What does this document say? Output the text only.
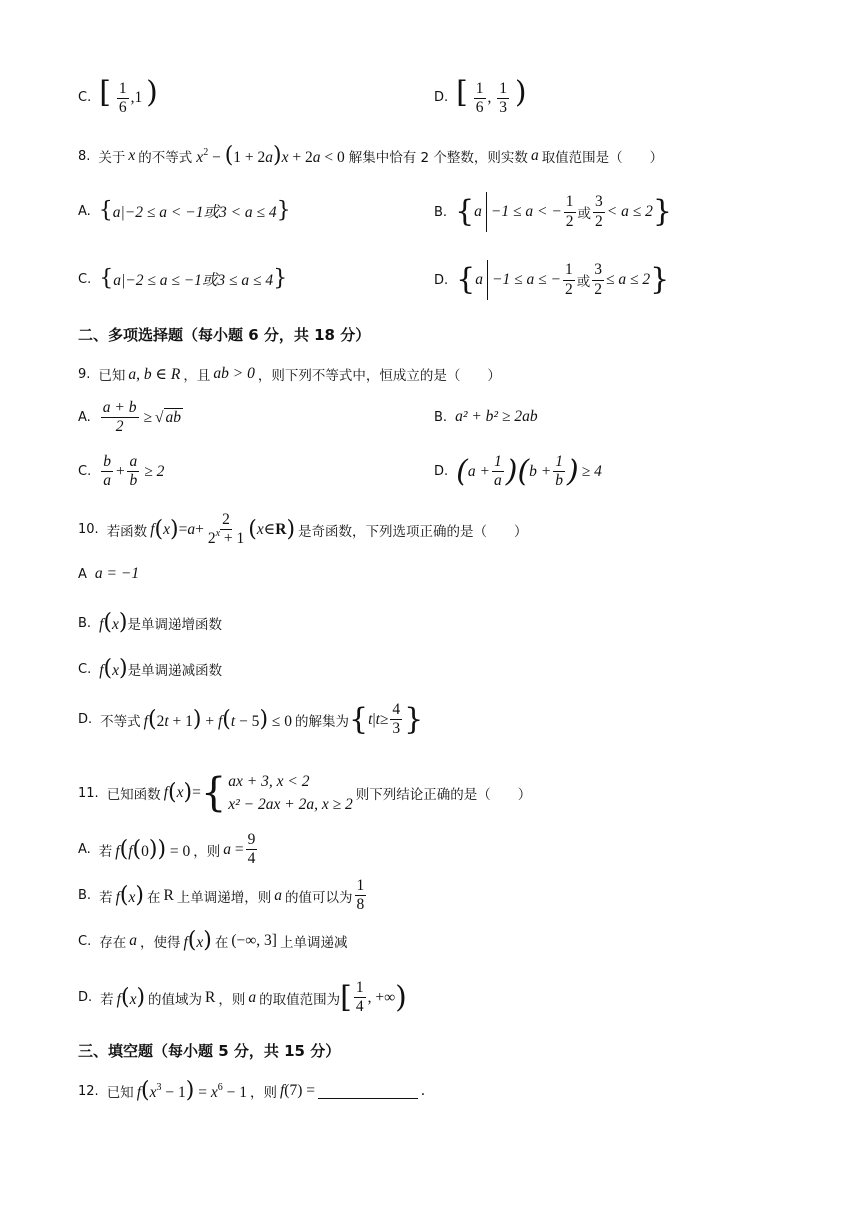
C. [ $\frac{1}{6} ,1$ )	D. [ $\frac{1}{6}$ , $\frac{1}{3}$ )
8. 关于 x 的不等式 $x^2 - (1 + 2a)x + 2a < 0$ 解集中恰有 2 个整数，则实数 a 取值范围是（　　）
A. {a|−2 ≤ a < −1或3 < a ≤ 4}	B. { a −1 ≤ a < − $\frac{1}{2}$ 或 $\frac{3}{2} < a \le 2$ }
C. {a|−2 ≤ a ≤ −1或3 ≤ a ≤ 4}	D. { a −1 ≤ a ≤ − $\frac{1}{2}$ 或 $\frac{3}{2} \le a \le 2$ }
二、多项选择题（每小题 6 分，共 18 分）
9. 已知 a, b ∈ R ，且 ab > 0 ，则下列不等式中，恒成立的是（　　）
A. $\frac{a + b}{2}$ ≥ √ ab	B. a² + b² ≥ 2ab
C. $\frac{b}{a} + \frac{a}{b} \ge 2$	D. ( $a + \frac{1}{a}$ ) ( $b + \frac{1}{b}$ ) ≥ 4
10. 若函数 f ( x ) = $a + \frac{2}{2^x + 1}$ ( x ∈ R ) 是奇函数，下列选项正确的是（　　）
A a = −1
B. f(x) 是单调递增函数
C. f(x) 是单调递减函数
D. 不等式 f(2t + 1) + f(t − 5) ≤ 0 的解集为 { t | $t \ge \frac{4}{3}$ }
11. 已知函数 f ( x ) = { ax + 3, x < 2
x² − 2ax + 2a, x ≥ 2
则下列结论正确的是（　　）
A. 若 f(f(0)) = 0 ，则 $a = \frac{9}{4}$
B. 若 f(x) 在 R 上单调递增，则 a 的值可以为 $\frac{1}{8}$
C. 存在 a ，使得 f(x) 在 (−∞, 3] 上单调递减
D. 若 f(x) 的值域为 R ，则 a 的取值范围为 [ $\frac{1}{4}$ , +∞ )
三、填空题（每小题 5 分，共 15 分）
12. 已知 $f(x^3 - 1) = x^6 - 1$ ，则 f(7) =	.
